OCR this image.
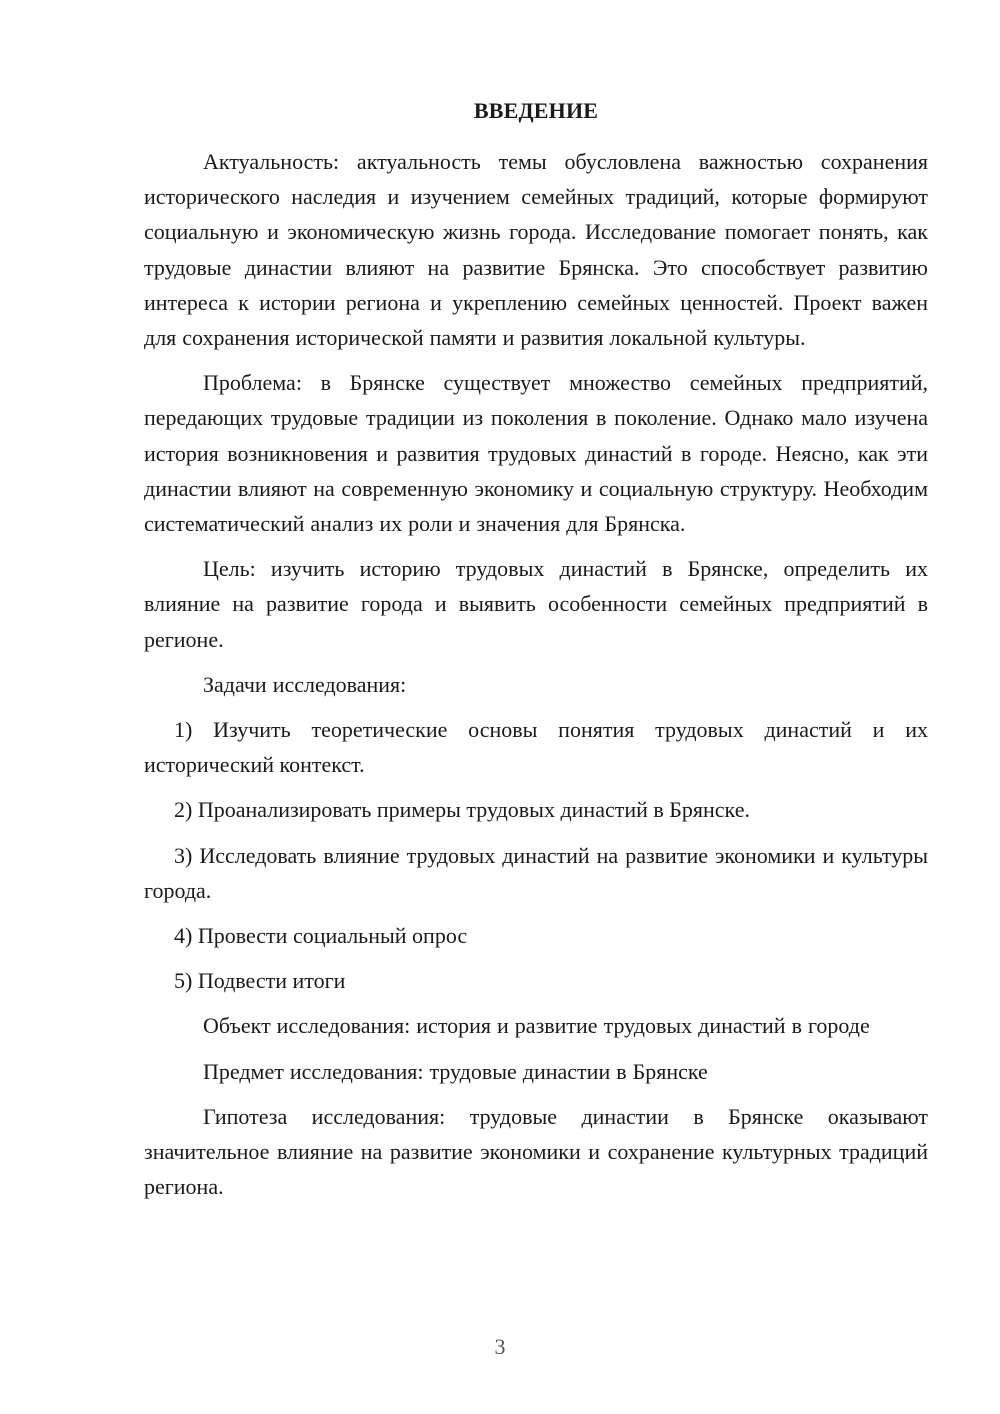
ВВЕДЕНИЕ

Актуальность: актуальность темы обусловлена важностью сохранения исторического наследия и изучением семейных традиций, которые формируют социальную и экономическую жизнь города. Исследование помогает понять, как трудовые династии влияют на развитие Брянска. Это способствует развитию интереса к истории региона и укреплению семейных ценностей. Проект важен для сохранения исторической памяти и развития локальной культуры.

Проблема: в Брянске существует множество семейных предприятий, передающих трудовые традиции из поколения в поколение. Однако мало изучена история возникновения и развития трудовых династий в городе. Неясно, как эти династии влияют на современную экономику и социальную структуру. Необходим систематический анализ их роли и значения для Брянска.

Цель: изучить историю трудовых династий в Брянске, определить их влияние на развитие города и выявить особенности семейных предприятий в регионе.

Задачи исследования:

1) Изучить теоретические основы понятия трудовых династий и их исторический контекст.

2) Проанализировать примеры трудовых династий в Брянске.

3) Исследовать влияние трудовых династий на развитие экономики и культуры города.

4) Провести социальный опрос

5) Подвести итоги

Объект исследования: история и развитие трудовых династий в городе

Предмет исследования: трудовые династии в Брянске

Гипотеза исследования: трудовые династии в Брянске оказывают значительное влияние на развитие экономики и сохранение культурных традиций региона.

3
